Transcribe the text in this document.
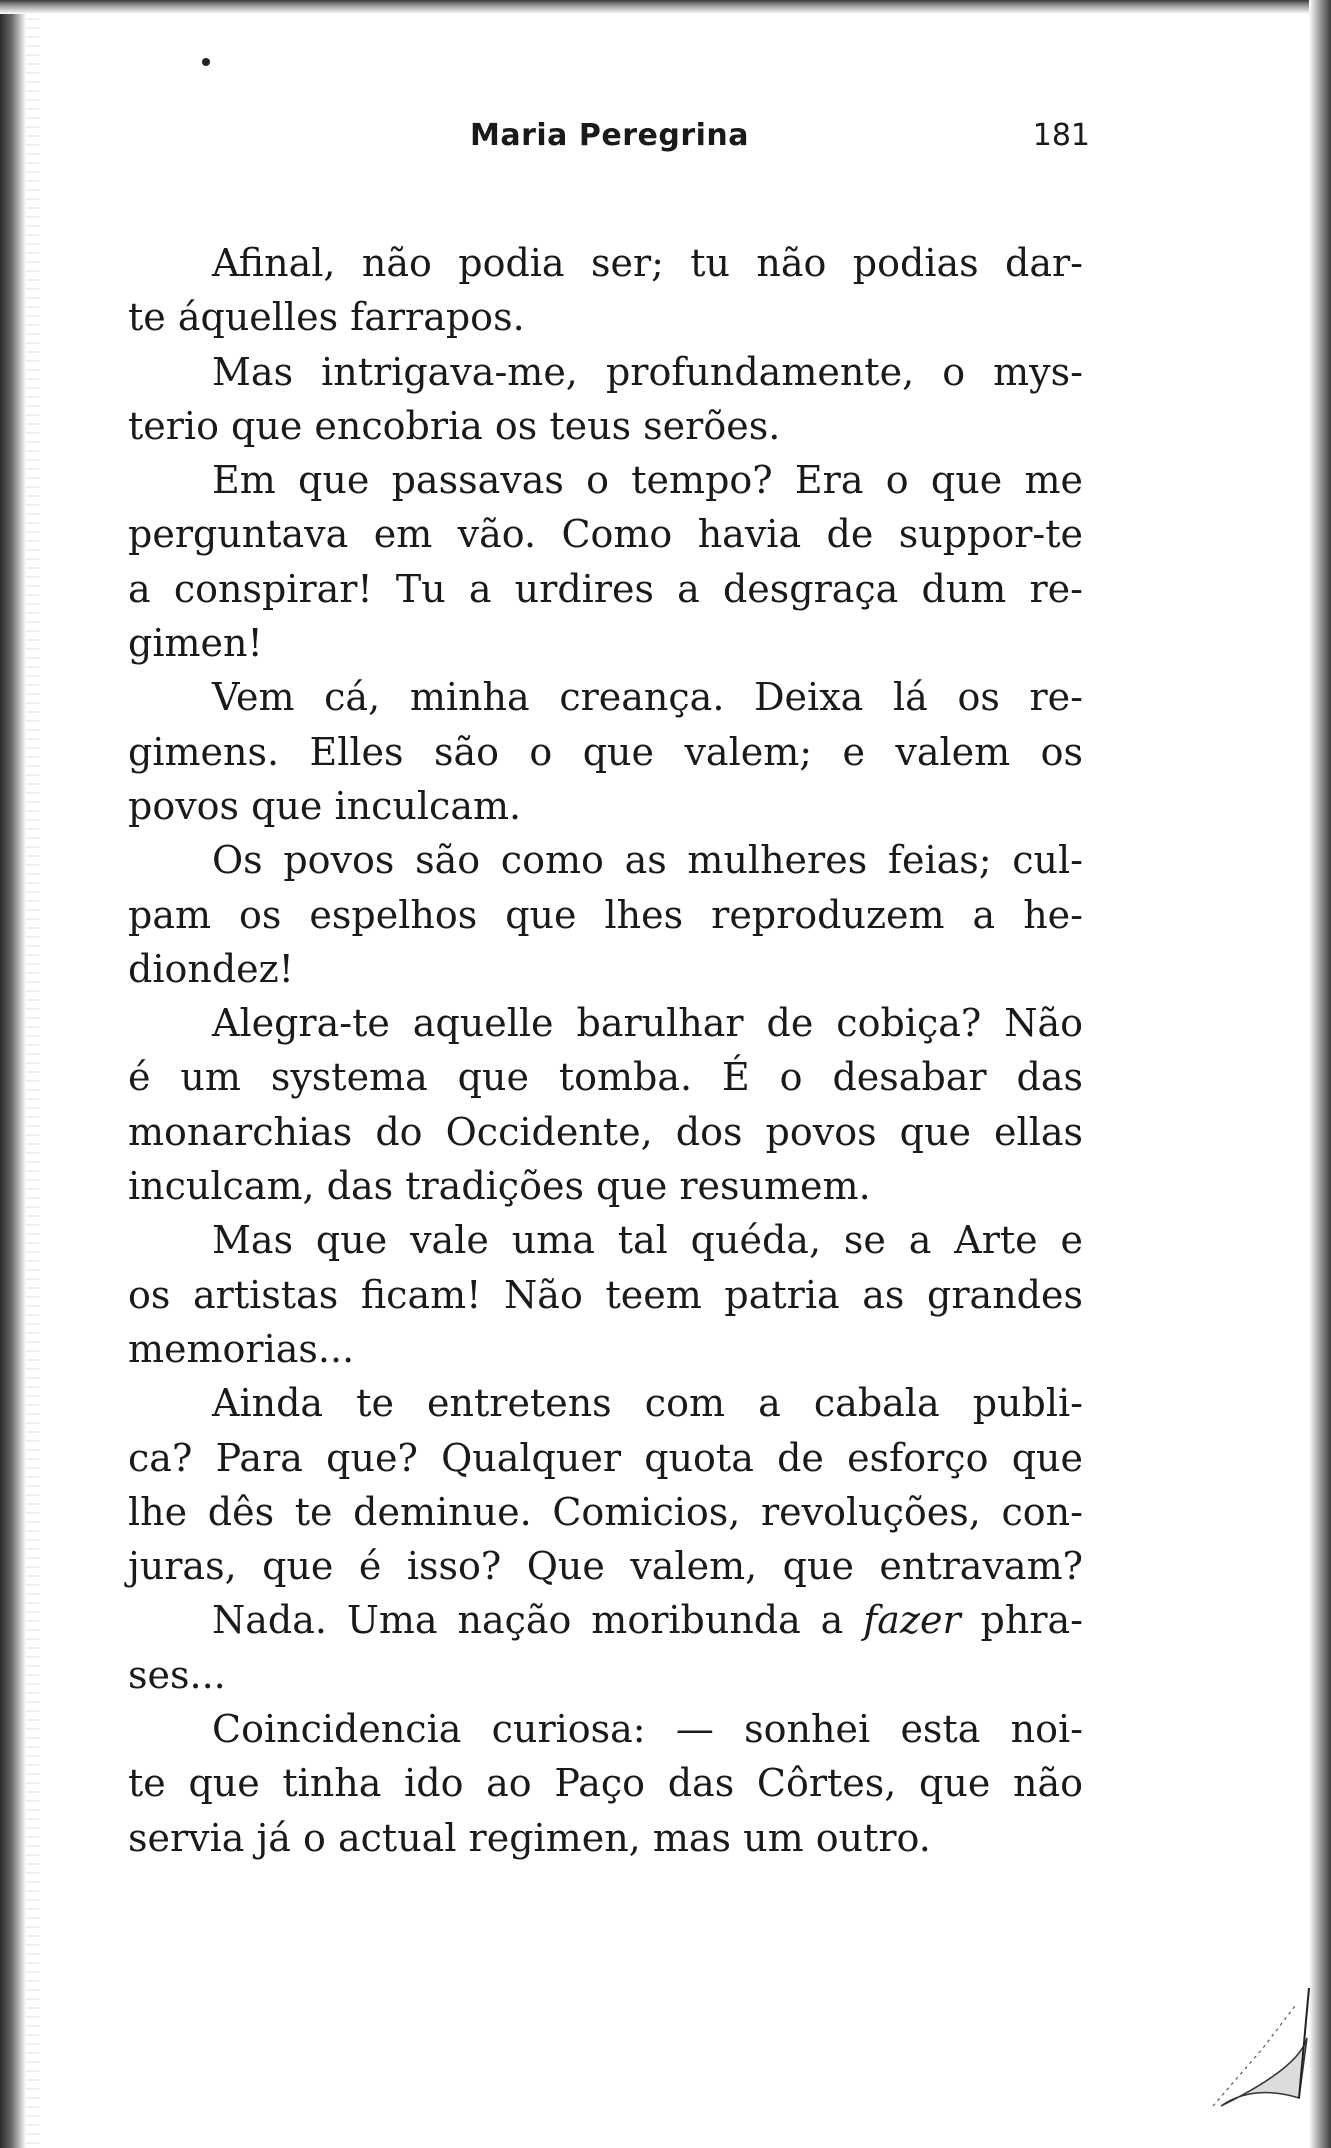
Maria Peregrina	181
Afinal, não podia ser; tu não podias dar-
te áquelles farrapos.
Mas intrigava-me, profundamente, o mys-
terio que encobria os teus serões.
Em que passavas o tempo? Era o que me
perguntava em vão. Como havia de suppor-te
a conspirar! Tu a urdires a desgraça dum re-
gimen!
Vem cá, minha creança. Deixa lá os re-
gimens. Elles são o que valem; e valem os
povos que inculcam.
Os povos são como as mulheres feias; cul-
pam os espelhos que lhes reproduzem a he-
diondez!
Alegra-te aquelle barulhar de cobiça? Não
é um systema que tomba. É o desabar das
monarchias do Occidente, dos povos que ellas
inculcam, das tradições que resumem.
Mas que vale uma tal quéda, se a Arte e
os artistas ficam! Não teem patria as grandes
memorias...
Ainda te entretens com a cabala publi-
ca? Para que? Qualquer quota de esforço que
lhe dês te deminue. Comicios, revoluções, con-
juras, que é isso? Que valem, que entravam?
Nada. Uma nação moribunda a fazer phra-
ses...
Coincidencia curiosa: — sonhei esta noi-
te que tinha ido ao Paço das Côrtes, que não
servia já o actual regimen, mas um outro.
